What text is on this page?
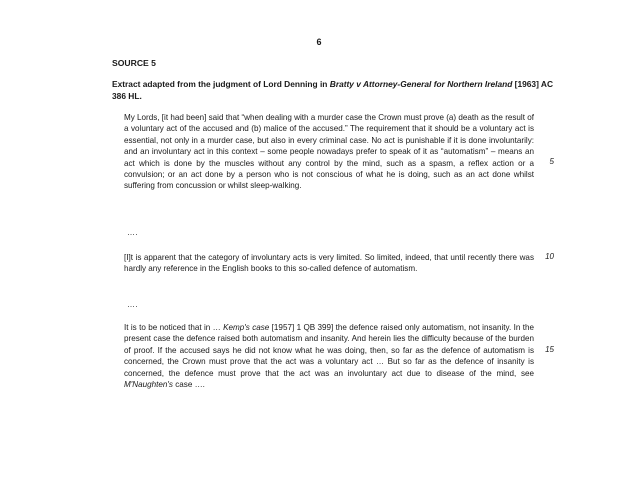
6
SOURCE 5
Extract adapted from the judgment of Lord Denning in Bratty v Attorney-General for Northern Ireland [1963] AC 386 HL.
My Lords, [it had been] said that “when dealing with a murder case the Crown must prove (a) death as the result of a voluntary act of the accused and (b) malice of the accused.” The requirement that it should be a voluntary act is essential, not only in a murder case, but also in every criminal case. No act is punishable if it is done involuntarily: and an involuntary act in this context – some people nowadays prefer to speak of it as “automatism” – means an act which is done by the muscles without any control by the mind, such as a spasm, a reflex action or a convulsion; or an act done by a person who is not conscious of what he is doing, such as an act done whilst suffering from concussion or whilst sleep-walking.
….
[I]t is apparent that the category of involuntary acts is very limited. So limited, indeed, that until recently there was hardly any reference in the English books to this so-called defence of automatism.
….
It is to be noticed that in … Kemp's case [1957] 1 QB 399] the defence raised only automatism, not insanity. In the present case the defence raised both automatism and insanity. And herein lies the difficulty because of the burden of proof. If the accused says he did not know what he was doing, then, so far as the defence of automatism is concerned, the Crown must prove that the act was a voluntary act … But so far as the defence of insanity is concerned, the defence must prove that the act was an involuntary act due to disease of the mind, see M'Naughten's case ….
5
10
15
